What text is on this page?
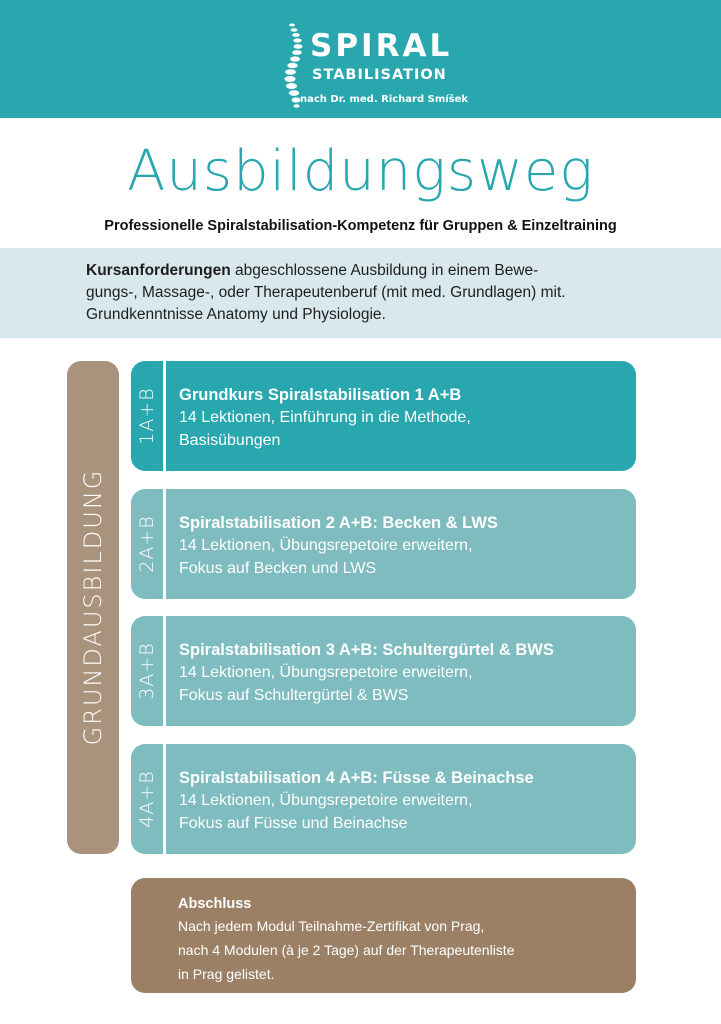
SPIRAL
STABILISATION
nach Dr. med. Richard Smíšek
Ausbildungsweg
Professionelle Spiralstabilisation-Kompetenz für Gruppen & Einzeltraining
Kursanforderungen abgeschlossene Ausbildung in einem Bewe-
gungs-, Massage-, oder Therapeutenberuf (mit med. Grundlagen) mit.
Grundkenntnisse Anatomy und Physiologie.
GRUNDAUSBILDUNG
1A+B Grundkurs Spiralstabilisation 1 A+B
14 Lektionen, Einführung in die Methode,
Basisübungen
2A+B Spiralstabilisation 2 A+B: Becken & LWS
14 Lektionen, Übungsrepetoire erweitern,
Fokus auf Becken und LWS
3A+B Spiralstabilisation 3 A+B: Schultergürtel & BWS
14 Lektionen, Übungsrepetoire erweitern,
Fokus auf Schultergürtel & BWS
4A+B Spiralstabilisation 4 A+B: Füsse & Beinachse
14 Lektionen, Übungsrepetoire erweitern,
Fokus auf Füsse und Beinachse
Abschluss
Nach jedem Modul Teilnahme-Zertifikat von Prag,
nach 4 Modulen (à je 2 Tage) auf der Therapeutenliste
in Prag gelistet.
